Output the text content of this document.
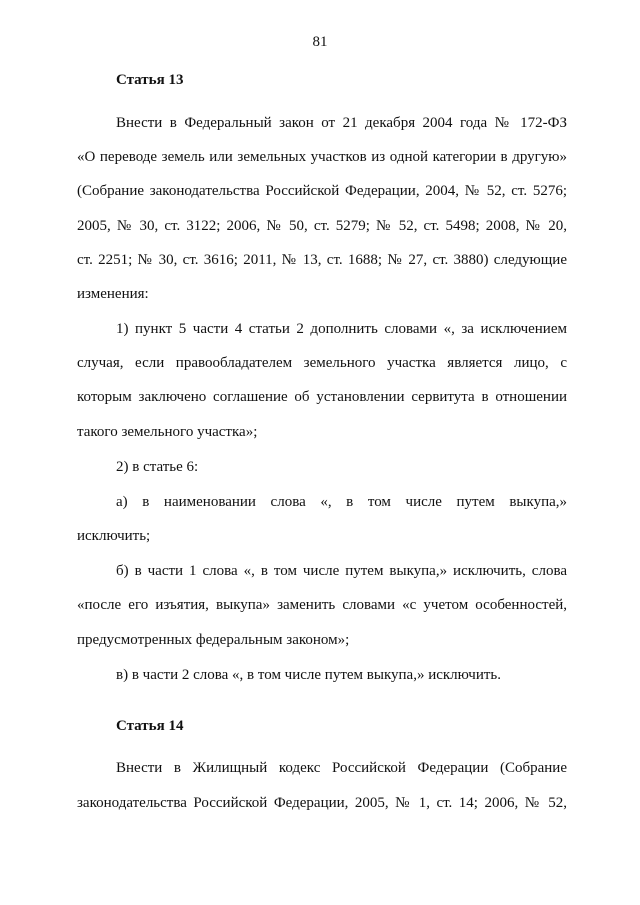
81
Статья 13
Внести в Федеральный закон от 21 декабря 2004 года № 172-ФЗ
«О переводе земель или земельных участков из одной категории в другую»
(Собрание законодательства Российской Федерации, 2004, № 52, ст. 5276;
2005, № 30, ст. 3122; 2006, № 50, ст. 5279; № 52, ст. 5498; 2008, № 20,
ст. 2251; № 30, ст. 3616; 2011, № 13, ст. 1688; № 27, ст. 3880) следующие
изменения:
1) пункт 5 части 4 статьи 2 дополнить словами «, за исключением
случая, если правообладателем земельного участка является лицо, с
которым заключено соглашение об установлении сервитута в отношении
такого земельного участка»;
2) в статье 6:
а) в наименовании слова «, в том числе путем выкупа,»
исключить;
б) в части 1 слова «, в том числе путем выкупа,» исключить, слова
«после его изъятия, выкупа» заменить словами «с учетом особенностей,
предусмотренных федеральным законом»;
в) в части 2 слова «, в том числе путем выкупа,» исключить.
Статья 14
Внести в Жилищный кодекс Российской Федерации (Собрание
законодательства Российской Федерации, 2005, № 1, ст. 14; 2006, № 52,
